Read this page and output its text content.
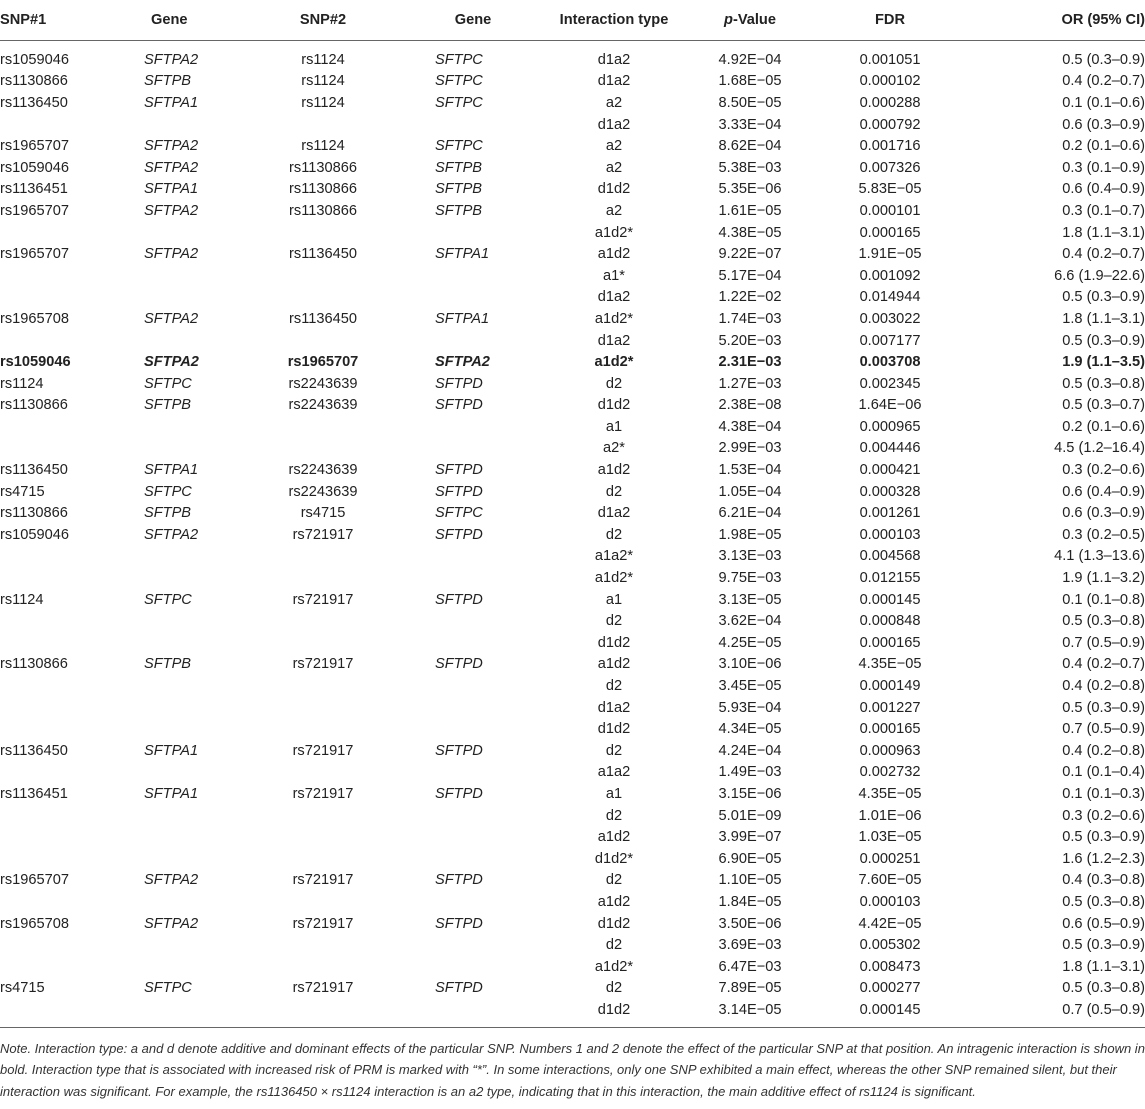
SNP#1	Gene	SNP#2	Gene	Interaction type	p-Value	FDR	OR (95% CI)
rs1059046	SFTPA2	rs1124	SFTPC	d1a2	4.92E−04	0.001051	0.5 (0.3–0.9)
rs1130866	SFTPB	rs1124	SFTPC	d1a2	1.68E−05	0.000102	0.4 (0.2–0.7)
rs1136450	SFTPA1	rs1124	SFTPC	a2	8.50E−05	0.000288	0.1 (0.1–0.6)
				d1a2	3.33E−04	0.000792	0.6 (0.3–0.9)
rs1965707	SFTPA2	rs1124	SFTPC	a2	8.62E−04	0.001716	0.2 (0.1–0.6)
rs1059046	SFTPA2	rs1130866	SFTPB	a2	5.38E−03	0.007326	0.3 (0.1–0.9)
rs1136451	SFTPA1	rs1130866	SFTPB	d1d2	5.35E−06	5.83E−05	0.6 (0.4–0.9)
rs1965707	SFTPA2	rs1130866	SFTPB	a2	1.61E−05	0.000101	0.3 (0.1–0.7)
				a1d2*	4.38E−05	0.000165	1.8 (1.1–3.1)
rs1965707	SFTPA2	rs1136450	SFTPA1	a1d2	9.22E−07	1.91E−05	0.4 (0.2–0.7)
				a1*	5.17E−04	0.001092	6.6 (1.9–22.6)
				d1a2	1.22E−02	0.014944	0.5 (0.3–0.9)
rs1965708	SFTPA2	rs1136450	SFTPA1	a1d2*	1.74E−03	0.003022	1.8 (1.1–3.1)
				d1a2	5.20E−03	0.007177	0.5 (0.3–0.9)
rs1059046	SFTPA2	rs1965707	SFTPA2	a1d2*	2.31E−03	0.003708	1.9 (1.1–3.5)
rs1124	SFTPC	rs2243639	SFTPD	d2	1.27E−03	0.002345	0.5 (0.3–0.8)
rs1130866	SFTPB	rs2243639	SFTPD	d1d2	2.38E−08	1.64E−06	0.5 (0.3–0.7)
				a1	4.38E−04	0.000965	0.2 (0.1–0.6)
				a2*	2.99E−03	0.004446	4.5 (1.2–16.4)
rs1136450	SFTPA1	rs2243639	SFTPD	a1d2	1.53E−04	0.000421	0.3 (0.2–0.6)
rs4715	SFTPC	rs2243639	SFTPD	d2	1.05E−04	0.000328	0.6 (0.4–0.9)
rs1130866	SFTPB	rs4715	SFTPC	d1a2	6.21E−04	0.001261	0.6 (0.3–0.9)
rs1059046	SFTPA2	rs721917	SFTPD	d2	1.98E−05	0.000103	0.3 (0.2–0.5)
				a1a2*	3.13E−03	0.004568	4.1 (1.3–13.6)
				a1d2*	9.75E−03	0.012155	1.9 (1.1–3.2)
rs1124	SFTPC	rs721917	SFTPD	a1	3.13E−05	0.000145	0.1 (0.1–0.8)
				d2	3.62E−04	0.000848	0.5 (0.3–0.8)
				d1d2	4.25E−05	0.000165	0.7 (0.5–0.9)
rs1130866	SFTPB	rs721917	SFTPD	a1d2	3.10E−06	4.35E−05	0.4 (0.2–0.7)
				d2	3.45E−05	0.000149	0.4 (0.2–0.8)
				d1a2	5.93E−04	0.001227	0.5 (0.3–0.9)
				d1d2	4.34E−05	0.000165	0.7 (0.5–0.9)
rs1136450	SFTPA1	rs721917	SFTPD	d2	4.24E−04	0.000963	0.4 (0.2–0.8)
				a1a2	1.49E−03	0.002732	0.1 (0.1–0.4)
rs1136451	SFTPA1	rs721917	SFTPD	a1	3.15E−06	4.35E−05	0.1 (0.1–0.3)
				d2	5.01E−09	1.01E−06	0.3 (0.2–0.6)
				a1d2	3.99E−07	1.03E−05	0.5 (0.3–0.9)
				d1d2*	6.90E−05	0.000251	1.6 (1.2–2.3)
rs1965707	SFTPA2	rs721917	SFTPD	d2	1.10E−05	7.60E−05	0.4 (0.3–0.8)
				a1d2	1.84E−05	0.000103	0.5 (0.3–0.8)
rs1965708	SFTPA2	rs721917	SFTPD	d1d2	3.50E−06	4.42E−05	0.6 (0.5–0.9)
				d2	3.69E−03	0.005302	0.5 (0.3–0.9)
				a1d2*	6.47E−03	0.008473	1.8 (1.1–3.1)
rs4715	SFTPC	rs721917	SFTPD	d2	7.89E−05	0.000277	0.5 (0.3–0.8)
				d1d2	3.14E−05	0.000145	0.7 (0.5–0.9)
Note. Interaction type: a and d denote additive and dominant effects of the particular SNP. Numbers 1 and 2 denote the effect of the particular SNP at that position. An intragenic interaction is shown in bold. Interaction type that is associated with increased risk of PRM is marked with “*”. In some interactions, only one SNP exhibited a main effect, whereas the other SNP remained silent, but their interaction was significant. For example, the rs1136450 × rs1124 interaction is an a2 type, indicating that in this interaction, the main additive effect of rs1124 is significant.
